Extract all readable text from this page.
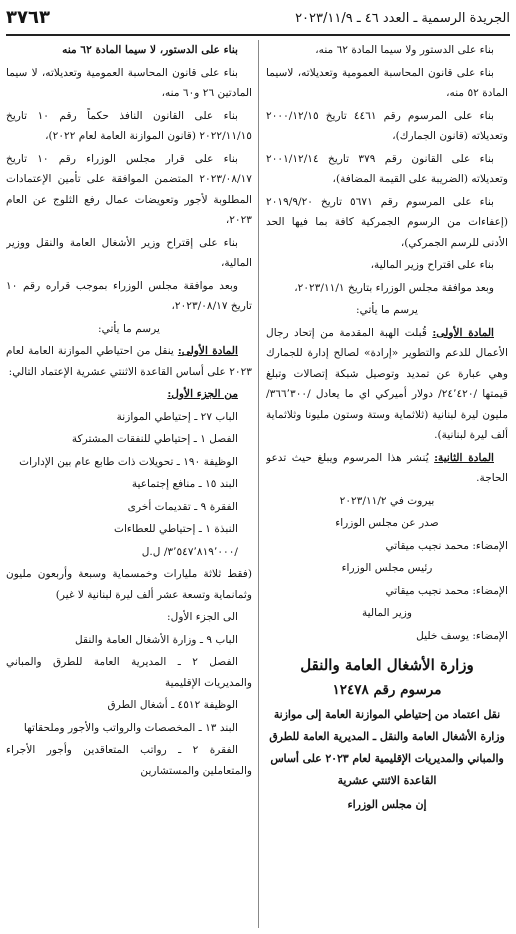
الجريدة الرسمية ـ العدد ٤٦ ـ ٢٠٢٣/١١/٩
٣٧٦٣

بناء على الدستور ولا سيما المادة ٦٢ منه،

بناء على قانون المحاسبة العمومية وتعديلاته، لاسيما المادة ٥٢ منه،

بناء على المرسوم رقم ٤٤٦١ تاريخ ٢٠٠٠/١٢/١٥ وتعديلاته (قانون الجمارك)،

بناء على القانون رقم ٣٧٩ تاريخ ٢٠٠١/١٢/١٤ وتعديلاته (الضريبة على القيمة المضافة)،

بناء على المرسوم رقم ٥٦٧١ تاريخ ٢٠١٩/٩/٢٠ (إعفاءات من الرسوم الجمركية كافة بما فيها الحد الأدنى للرسم الجمركي)،

بناء على اقتراح وزير المالية،

وبعد موافقة مجلس الوزراء بتاريخ ٢٠٢٣/١١/١،

يرسم ما يأتي:

المادة الأولى: قُبلت الهبة المقدمة من إتحاد رجال الأعمال للدعم والتطوير «إرادة» لصالح إدارة للجمارك وهي عبارة عن تمديد وتوصيل شبكة إتصالات وتبلغ قيمتها /٢٤٬٤٢٠/ دولار أميركي اي ما يعادل /٣٦٦٬٣٠٠/ مليون ليرة لبنانية (ثلاثماية وستة وستون مليونا وثلاثماية ألف ليرة لبنانية).

المادة الثانية: يُنشر هذا المرسوم ويبلغ حيث تدعو الحاجة.

بيروت في ٢٠٢٣/١١/٢

صدر عن مجلس الوزراء

الإمضاء: محمد نجيب ميقاتي

رئيس مجلس الوزراء

الإمضاء: محمد نجيب ميقاتي

وزير المالية

الإمضاء: يوسف خليل

وزارة الأشغال العامة والنقل

مرسوم رقم ١٢٤٧٨

نقل اعتماد من إحتياطي الموازنة العامة إلى موازنة وزارة الأشغال العامة والنقل ـ المديرية العامة للطرق والمباني والمديريات الإقليمية لعام ٢٠٢٣ على أساس القاعدة الاثنتي عشرية

إن مجلس الوزراء

بناء على الدستور، لا سيما المادة ٦٢ منه

بناء على قانون المحاسبة العمومية وتعديلاته، لا سيما المادتين ٢٦ و٦٠ منه،

بناء على القانون النافذ حكماً رقم ١٠ تاريخ ٢٠٢٢/١١/١٥ (قانون الموازنة العامة لعام ٢٠٢٢)،

بناء على قرار مجلس الوزراء رقم ١٠ تاريخ ٢٠٢٣/٠٨/١٧ المتضمن الموافقة على تأمين الإعتمادات المطلوبة لأجور وتعويضات عمال رفع الثلوج عن العام ٢٠٢٣،

بناء على إقتراح وزير الأشغال العامة والنقل ووزير المالية،

وبعد موافقة مجلس الوزراء بموجب قراره رقم ١٠ تاريخ ٢٠٢٣/٠٨/١٧،

يرسم ما يأتي:

المادة الأولى: ينقل من احتياطي الموازنة العامة لعام ٢٠٢٣ على أساس القاعدة الاثنتي عشرية الإعتماد التالي:

من الجزء الأول:

الباب ٢٧ ـ إحتياطي الموازنة

الفصل ١ ـ إحتياطي للنفقات المشتركة

الوظيفة ١٩٠ ـ تحويلات ذات طابع عام بين الإدارات

البند ١٥ ـ منافع إجتماعية

الفقرة ٩ ـ تقديمات أخرى

النبذة ١ ـ إحتياطي للعطاءات

/٣٬٥٤٧٬٨١٩٬٠٠٠/ ل.ل

(فقط ثلاثة مليارات وخمسماية وسبعة وأربعون مليون وثمانماية وتسعة عشر ألف ليرة لبنانية لا غير)

الى الجزء الأول:

الباب ٩ ـ وزارة الأشغال العامة والنقل

الفصل ٢ ـ المديرية العامة للطرق والمباني والمديريات الإقليمية

الوظيفة ٤٥١٢ ـ أشغال الطرق

البند ١٣ ـ المخصصات والرواتب والأجور وملحقاتها

الفقرة ٢ ـ رواتب المتعاقدين وأجور الأجراء والمتعاملين والمستشارين
